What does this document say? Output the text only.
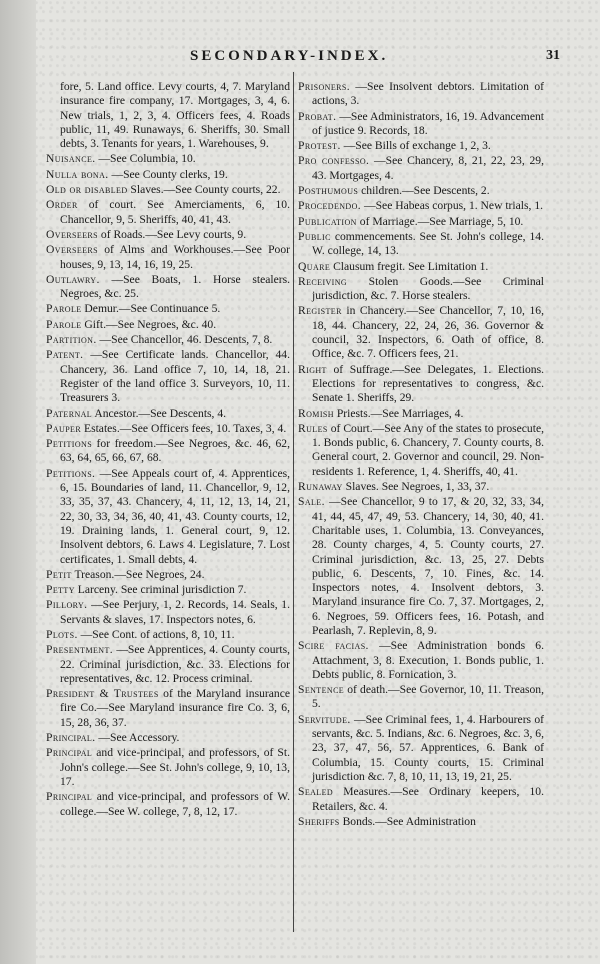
SECONDARY-INDEX.	31

fore, 5. Land office. Levy courts, 4, 7. Maryland insurance fire company, 17. Mortgages, 3, 4, 6. New trials, 1, 2, 3, 4. Officers fees, 4. Roads public, 11, 49. Runaways, 6. Sheriffs, 30. Small debts, 3. Tenants for years, 1. Warehouses, 9.

Nuisance. —See Columbia, 10.

Nulla bona. —See County clerks, 19.

Old or disabled Slaves.—See County courts, 22.

Order of court. See Amerciaments, 6, 10. Chancellor, 9, 5. Sheriffs, 40, 41, 43.

Overseers of Roads.—See Levy courts, 9.

Overseers of Alms and Workhouses.—See Poor houses, 9, 13, 14, 16, 19, 25.

Outlawry. —See Boats, 1. Horse stealers. Negroes, &c. 25.

Parole Demur.—See Continuance 5.

Parole Gift.—See Negroes, &c. 40.

Partition. —See Chancellor, 46. Descents, 7, 8.

Patent. —See Certificate lands. Chancellor, 44. Chancery, 36. Land office 7, 10, 14, 18, 21. Register of the land office 3. Surveyors, 10, 11. Treasurers 3.

Paternal Ancestor.—See Descents, 4.

Pauper Estates.—See Officers fees, 10. Taxes, 3, 4.

Petitions for freedom.—See Negroes, &c. 46, 62, 63, 64, 65, 66, 67, 68.

Petitions. —See Appeals court of, 4. Apprentices, 6, 15. Boundaries of land, 11. Chancellor, 9, 12, 33, 35, 37, 43. Chancery, 4, 11, 12, 13, 14, 21, 22, 30, 33, 34, 36, 40, 41, 43. County courts, 12, 19. Draining lands, 1. General court, 9, 12. Insolvent debtors, 6. Laws 4. Legislature, 7. Lost certificates, 1. Small debts, 4.

Petit Treason.—See Negroes, 24.

Petty Larceny. See criminal jurisdiction 7.

Pillory. —See Perjury, 1, 2. Records, 14. Seals, 1. Servants & slaves, 17. Inspectors notes, 6.

Plots. —See Cont. of actions, 8, 10, 11.

Presentment. —See Apprentices, 4. County courts, 22. Criminal jurisdiction, &c. 33. Elections for representatives, &c. 12. Process criminal.

President & Trustees of the Maryland insurance fire Co.—See Maryland insurance fire Co. 3, 6, 15, 28, 36, 37.

Principal. —See Accessory.

Principal and vice-principal, and professors, of St. John's college.—See St. John's college, 9, 10, 13, 17.

Principal and vice-principal, and professors of W. college.—See W. college, 7, 8, 12, 17.

Prisoners. —See Insolvent debtors. Limitation of actions, 3.

Probat. —See Administrators, 16, 19. Advancement of justice 9. Records, 18.

Protest. —See Bills of exchange 1, 2, 3.

Pro confesso. —See Chancery, 8, 21, 22, 23, 29, 43. Mortgages, 4.

Posthumous children.—See Descents, 2.

Procedendo. —See Habeas corpus, 1. New trials, 1.

Publication of Marriage.—See Marriage, 5, 10.

Public commencements. See St. John's college, 14. W. college, 14, 13.

Quare Clausum fregit. See Limitation 1.

Receiving Stolen Goods.—See Criminal jurisdiction, &c. 7. Horse stealers.

Register in Chancery.—See Chancellor, 7, 10, 16, 18, 44. Chancery, 22, 24, 26, 36. Governor & council, 32. Inspectors, 6. Oath of office, 8. Office, &c. 7. Officers fees, 21.

Right of Suffrage.—See Delegates, 1. Elections. Elections for representatives to congress, &c. Senate 1. Sheriffs, 29.

Romish Priests.—See Marriages, 4.

Rules of Court.—See Any of the states to prosecute, 1. Bonds public, 6. Chancery, 7. County courts, 8. General court, 2. Governor and council, 29. Non-residents 1. Reference, 1, 4. Sheriffs, 40, 41.

Runaway Slaves. See Negroes, 1, 33, 37.

Sale. —See Chancellor, 9 to 17, & 20, 32, 33, 34, 41, 44, 45, 47, 49, 53. Chancery, 14, 30, 40, 41. Charitable uses, 1. Columbia, 13. Conveyances, 28. County charges, 4, 5. County courts, 27. Criminal jurisdiction, &c. 13, 25, 27. Debts public, 6. Descents, 7, 10. Fines, &c. 14. Inspectors notes, 4. Insolvent debtors, 3. Maryland insurance fire Co. 7, 37. Mortgages, 2, 6. Negroes, 59. Officers fees, 16. Potash, and Pearlash, 7. Replevin, 8, 9.

Scire facias. —See Administration bonds 6. Attachment, 3, 8. Execution, 1. Bonds public, 1. Debts public, 8. Fornication, 3.

Sentence of death.—See Governor, 10, 11. Treason, 5.

Servitude. —See Criminal fees, 1, 4. Harbourers of servants, &c. 5. Indians, &c. 6. Negroes, &c. 3, 6, 23, 37, 47, 56, 57. Apprentices, 6. Bank of Columbia, 15. County courts, 15. Criminal jurisdiction &c. 7, 8, 10, 11, 13, 19, 21, 25.

Sealed Measures.—See Ordinary keepers, 10. Retailers, &c. 4.

Sheriffs Bonds.—See Administration
